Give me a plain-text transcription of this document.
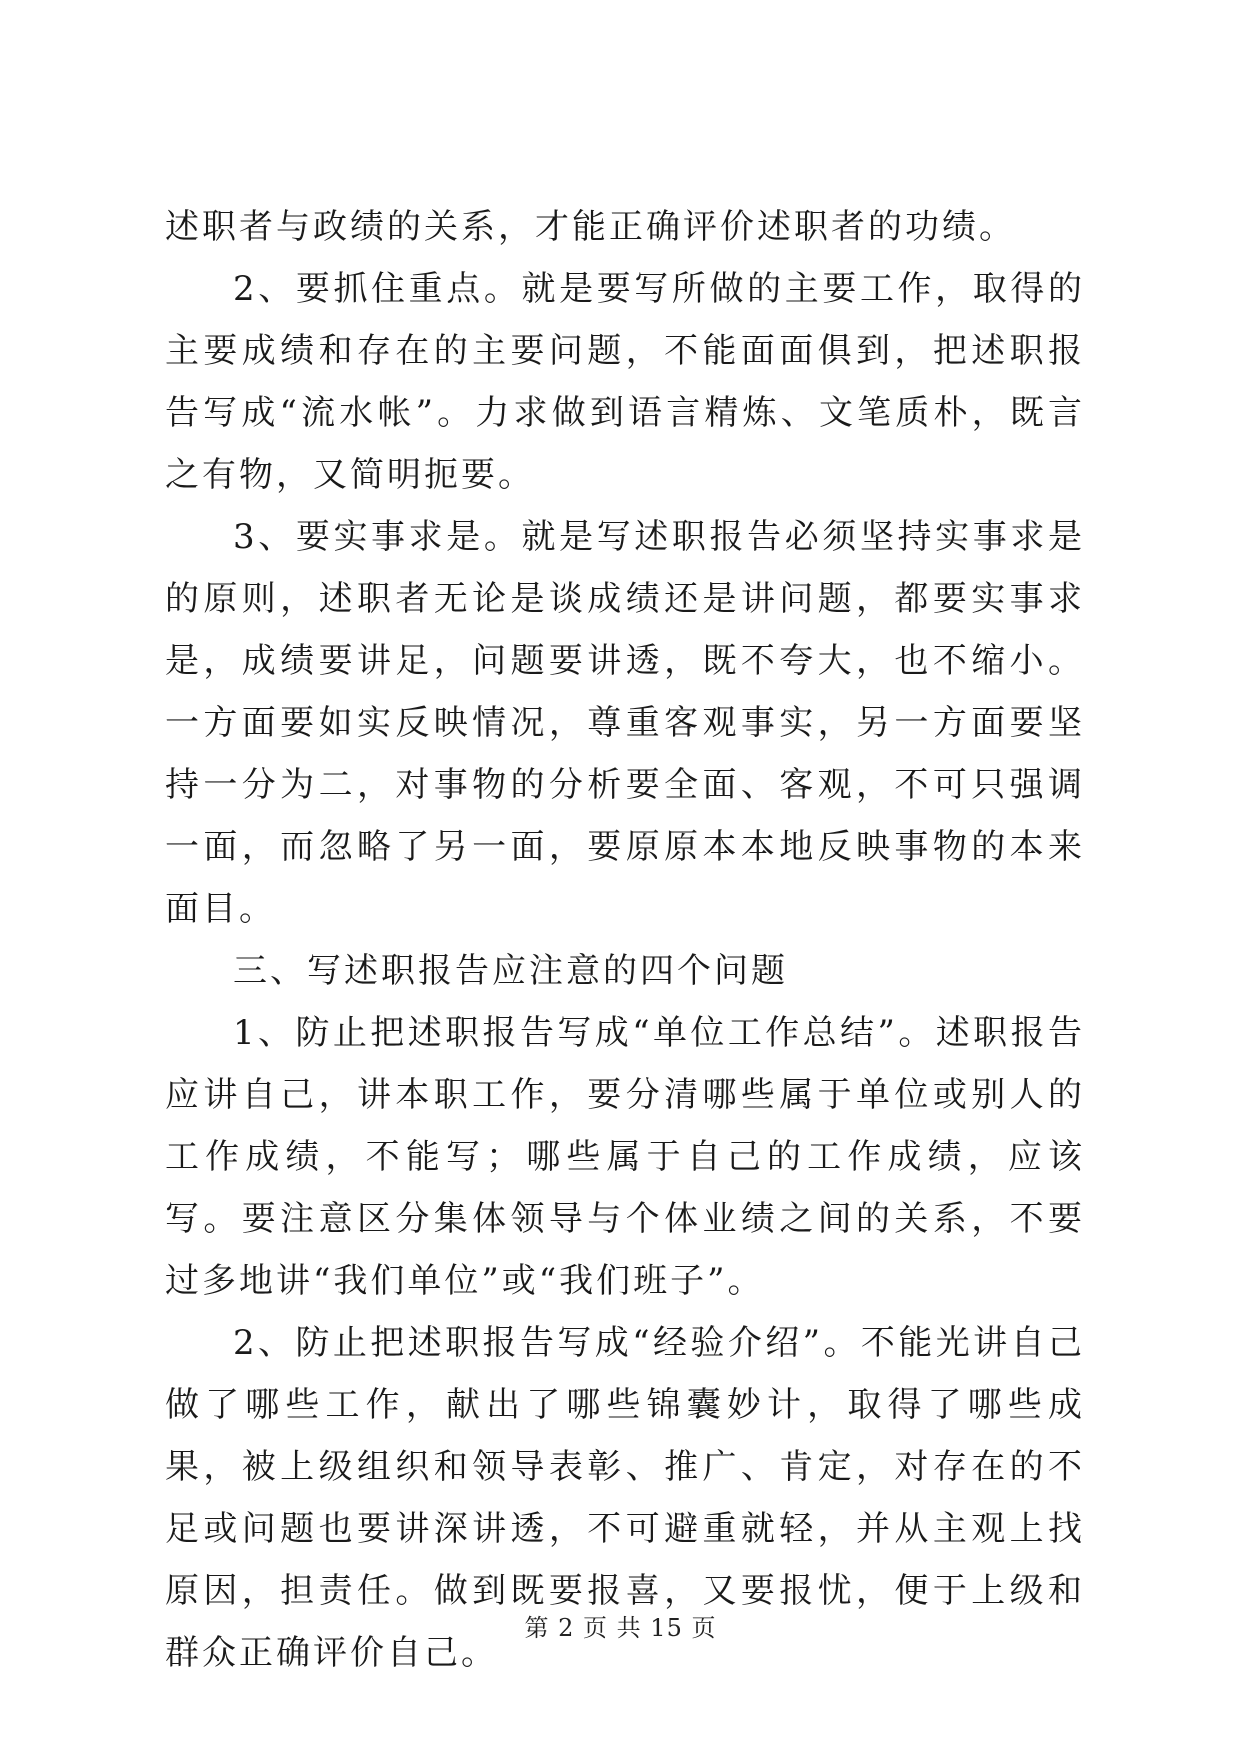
述职者与政绩的关系，才能正确评价述职者的功绩。

2、要抓住重点。就是要写所做的主要工作，取得的主要成绩和存在的主要问题，不能面面俱到，把述职报告写成“流水帐”。力求做到语言精炼、文笔质朴，既言之有物，又简明扼要。

3、要实事求是。就是写述职报告必须坚持实事求是的原则，述职者无论是谈成绩还是讲问题，都要实事求是，成绩要讲足，问题要讲透，既不夸大，也不缩小。一方面要如实反映情况，尊重客观事实，另一方面要坚持一分为二，对事物的分析要全面、客观，不可只强调一面，而忽略了另一面，要原原本本地反映事物的本来面目。

三、写述职报告应注意的四个问题

1、防止把述职报告写成“单位工作总结”。述职报告应讲自己，讲本职工作，要分清哪些属于单位或别人的工作成绩，不能写；哪些属于自己的工作成绩，应该写。要注意区分集体领导与个体业绩之间的关系，不要过多地讲“我们单位”或“我们班子”。

2、防止把述职报告写成“经验介绍”。不能光讲自己做了哪些工作，献出了哪些锦囊妙计，取得了哪些成果，被上级组织和领导表彰、推广、肯定，对存在的不足或问题也要讲深讲透，不可避重就轻，并从主观上找原因，担责任。做到既要报喜，又要报忧，便于上级和群众正确评价自己。

第 2 页 共 15 页
